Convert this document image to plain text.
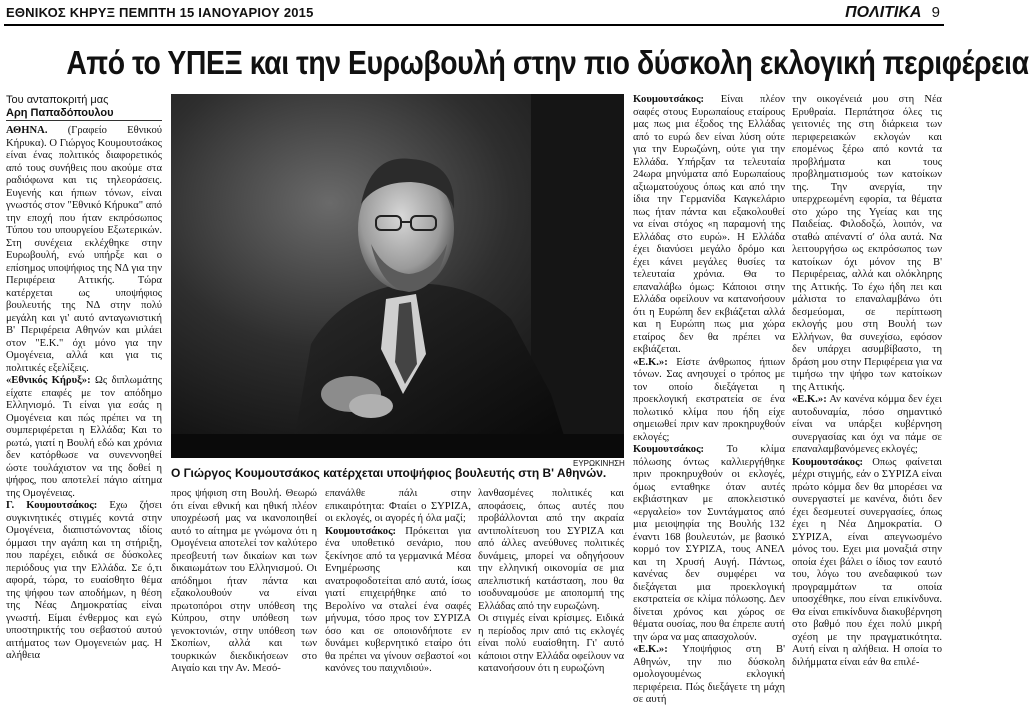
ΕΘΝΙΚΟΣ ΚΗΡΥΞ ΠΕΜΠΤΗ 15 ΙΑΝΟΥΑΡΙΟΥ 2015	ΠΟΛΙΤΙΚΑ 9
Από το ΥΠΕΞ και την Ευρωβουλή στην πιο δύσκολη εκλογική περιφέρεια
Του ανταποκριτή μας
Αρη Παπαδόπουλου

ΑΘΗΝΑ. (Γραφείο Εθνικού Κήρυκα). Ο Γιώργος Κουμουτσάκος είναι ένας πολιτικός διαφορετικός από τους συνήθεις που ακούμε στα ραδιόφωνα και τις τηλεοράσεις. Ευγενής και ήπιων τόνων, είναι γνωστός στον "Εθνικό Κήρυκα" από την εποχή που ήταν εκπρόσωπος Τύπου του υπουργείου Εξωτερικών. Στη συνέχεια εκλέχθηκε στην Ευρωβουλή, ενώ υπήρξε και ο επίσημος υποψήφιος της ΝΔ για την Περιφέρεια Αττικής. Τώρα κατέρχεται ως υποψήφιος βουλευτής της ΝΔ στην πολύ μεγάλη και γι' αυτό ανταγωνιστική Β' Περιφέρεια Αθηνών και μιλάει στον "Ε.Κ." όχι μόνο για την Ομογένεια, αλλά και για τις πολιτικές εξελίξεις.

«Εθνικός Κήρυξ»: Ως διπλωμάτης είχατε επαφές με τον απόδημο Ελληνισμό. Τι είναι για εσάς η Ομογένεια και πώς πρέπει να τη συμπεριφέρεται η Ελλάδα; Και το ρωτώ, γιατί η Βουλή εδώ και χρόνια δεν κατόρθωσε να συνεννοηθεί ώστε τουλάχιστον να της δοθεί η ψήφος, που αποτελεί πάγιο αίτημα της Ομογένειας.

Γ. Κουμουτσάκος: Εχω ζήσει συγκινητικές στιγμές κοντά στην Ομογένεια, διαπιστώνοντας ιδίοις όμμασι την αγάπη και τη στήριξη, που παρέχει, ειδικά σε δύσκολες περιόδους για την Ελλάδα. Σε ό,τι αφορά, τώρα, το ευαίσθητο θέμα της ψήφου των αποδήμων, η θέση της Νέας Δημοκρατίας είναι γνωστή. Είμαι ένθερμος και εγώ υποστηρικτής του σεβαστού αυτού αιτήματος των Ομογενειών μας. Η αλήθεια

ΕΥΡΩΚΙΝΗΣΗ
Ο Γιώργος Κουμουτσάκος κατέρχεται υποψήφιος βουλευτής στη Β' Αθηνών.

προς ψήφιση στη Βουλή. Θεωρώ ότι είναι εθνική και ηθική πλέον υποχρέωσή μας να ικανοποιηθεί αυτό το αίτημα με γνώμονα ότι η Ομογένεια αποτελεί τον καλύτερο πρεσβευτή των δικαίων και των δικαιωμάτων του Ελληνισμού. Οι απόδημοι ήταν πάντα και εξακολουθούν να είναι πρωτοπόροι στην υπόθεση της Κύπρου, στην υπόθεση των γενοκτονιών, στην υπόθεση των Σκοπίων, αλλά και των τουρκικών διεκδικήσεων στο Αιγαίο και την Αν. Μεσό-

επανάλθε πάλι στην επικαιρότητα: Φταίει ο ΣΥΡΙΖΑ, οι εκλογές, οι αγορές ή όλα μαζί;

Κουμουτσάκος: Πρόκειται για ένα υποθετικό σενάριο, που ξεκίνησε από τα γερμανικά Μέσα Ενημέρωσης και ανατροφοδοτείται από αυτά, ίσως γιατί επιχειρήθηκε από το Βερολίνο να σταλεί ένα σαφές μήνυμα, τόσο προς τον ΣΥΡΙΖΑ όσο και σε οποιονδήποτε εν δυνάμει κυβερνητικό εταίρο ότι θα πρέπει να γίνουν σεβαστοί «οι κανόνες του παιχνιδιού».

λανθασμένες πολιτικές και αποφάσεις, όπως αυτές που προβάλλονται από την ακραία αντιπολίτευση του ΣΥΡΙΖΑ και από άλλες ανεύθυνες πολιτικές δυνάμεις, μπορεί να οδηγήσουν την ελληνική οικονομία σε μια απελπιστική κατάσταση, που θα ισοδυναμούσε με αποπομπή της Ελλάδας από την ευρωζώνη.

Οι στιγμές είναι κρίσιμες. Ειδικά η περίοδος πριν από τις εκλογές είναι πολύ ευαίσθητη. Γι' αυτό κάποιοι στην Ελλάδα οφείλουν να κατανοήσουν ότι η ευρωζώνη

Κουμουτσάκος: Είναι πλέον σαφές στους Ευρωπαίους εταίρους μας πως μια έξοδος της Ελλάδας από το ευρώ δεν είναι λύση ούτε για την Ευρωζώνη, ούτε για την Ελλάδα. Υπήρξαν τα τελευταία 24ωρα μηνύματα από Ευρωπαίους αξιωματούχους όπως και από την ίδια την Γερμανίδα Καγκελάριο πως ήταν πάντα και εξακολουθεί να είναι στόχος «η παραμονή της Ελλάδας στο ευρώ». Η Ελλάδα έχει διανύσει μεγάλο δρόμο και έχει κάνει μεγάλες θυσίες τα τελευταία χρόνια. Θα το επαναλάβω όμως: Κάποιοι στην Ελλάδα οφείλουν να κατανοήσουν ότι η Ευρώπη δεν εκβιάζεται αλλά και η Ευρώπη πως μια χώρα εταίρος δεν θα πρέπει να εκβιάζεται.

«Ε.Κ.»: Είστε άνθρωπος ήπιων τόνων. Σας ανησυχεί ο τρόπος με τον οποίο διεξάγεται η προεκλογική εκστρατεία σε ένα πολωτικό κλίμα που ήδη είχε σημειωθεί πριν καν προκηρυχθούν εκλογές;

Κουμουτσάκος: Το κλίμα πόλωσης όντως καλλιεργήθηκε πριν προκηρυχθούν οι εκλογές, όμως ενταθηκε όταν αυτές εκβιάστηκαν με αποκλειστικό «εργαλείο» τον Συντάγματος από μια μειοψηφία της Βουλής 132 έναντι 168 βουλευτών, με βασικό κορμό τον ΣΥΡΙΖΑ, τους ΑΝΕΛ και τη Χρυσή Αυγή. Πάντως, κανένας δεν συμφέρει να διεξάγεται μια προεκλογική εκστρατεία σε κλίμα πόλωσης. Δεν δίνεται χρόνος και χώρος σε θέματα ουσίας, που θα έπρεπε αυτή την ώρα να μας απασχολούν.

«Ε.Κ.»: Υποψήφιος στη Β' Αθηνών, την πιο δύσκολη ομολογουμένως εκλογική περιφέρεια. Πώς διεξάγετε τη μάχη σε αυτή

την οικογένειά μου στη Νέα Ερυθραία. Περπάτησα όλες τις γειτονιές της στη διάρκεια των περιφερειακών εκλογών και επομένως ξέρω από κοντά τα προβλήματα και τους προβληματισμούς των κατοίκων της. Την ανεργία, την υπερχρεωμένη εφορία, τα θέματα στο χώρο της Υγείας και της Παιδείας. Φιλοδοξώ, λοιπόν, να σταθώ απέναντί σ' όλα αυτά. Να λειτουργήσω ως εκπρόσωπος των κατοίκων όχι μόνον της Β' Περιφέρειας, αλλά και ολόκληρης της Αττικής. Το έχω ήδη πει και μάλιστα το επαναλαμβάνω ότι δεσμεύομαι, σε περίπτωση εκλογής μου στη Βουλή των Ελλήνων, θα συνεχίσω, εφόσον δεν υπάρχει ασυμβίβαστο, τη δράση μου στην Περιφέρεια για να τιμήσω την ψήφο των κατοίκων της Αττικής.

«Ε.Κ.»: Αν κανένα κόμμα δεν έχει αυτοδυναμία, πόσο σημαντικό είναι να υπάρξει κυβέρνηση συνεργασίας και όχι να πάμε σε επαναλαμβανόμενες εκλογές;

Κουμουτσάκος: Οπως φαίνεται μέχρι στιγμής, εάν ο ΣΥΡΙΖΑ είναι πρώτο κόμμα δεν θα μπορέσει να συνεργαστεί με κανένα, διότι δεν έχει δεσμευτεί συνεργασίες, όπως έχει η Νέα Δημοκρατία. Ο ΣΥΡΙΖΑ, είναι απεγνωσμένο μόνος του. Εχει μια μοναξιά στην οποία έχει βάλει ο ίδιος τον εαυτό του, λόγω του ανεδαφικού των προγραμμάτων τα οποία υποσχέθηκε, που είναι επικίνδυνα. Θα είναι επικίνδυνα διακυβέρνηση στο βαθμό που έχει πολύ μικρή σχέση με την πραγματικότητα. Αυτή είναι η αλήθεια. Η οποία το διλήμματα είναι εάν θα επιλέ-
